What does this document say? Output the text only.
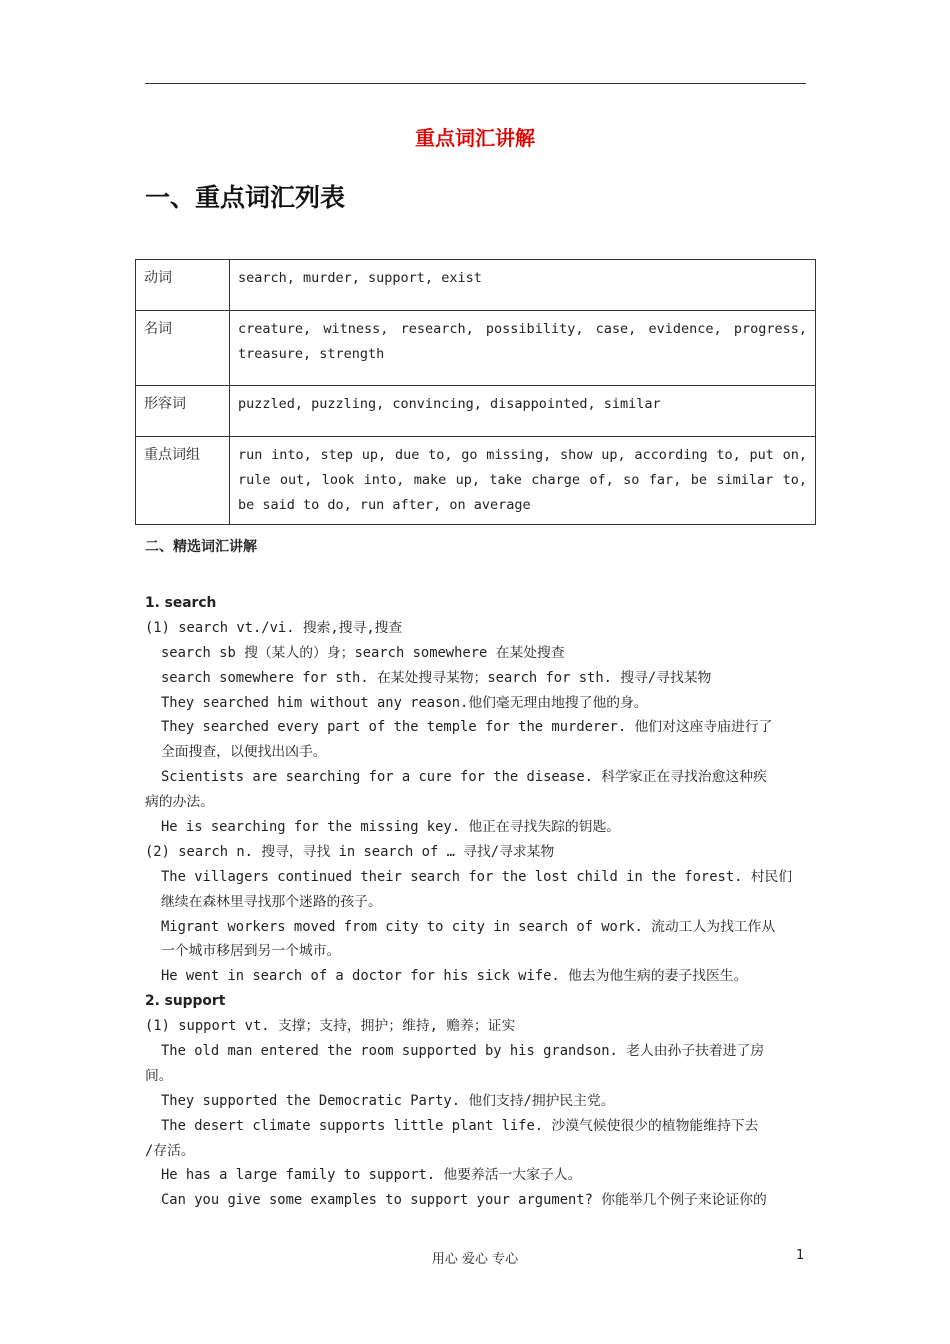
重点词汇讲解
一、重点词汇列表
动词	search, murder, support, exist
名词	creature, witness, research, possibility, case, evidence, progress, treasure, strength
形容词	puzzled, puzzling, convincing, disappointed, similar
重点词组	run into, step up, due to, go missing, show up, according to, put on, rule out, look into, make up, take charge of, so far, be similar to, be said to do, run after, on average
二、精选词汇讲解
1. search
(1) search vt./vi. 搜索,搜寻,搜查
search sb 搜（某人的）身；search somewhere 在某处搜查
search somewhere for sth. 在某处搜寻某物；search for sth. 搜寻/寻找某物
They searched him without any reason.他们毫无理由地搜了他的身。
They searched every part of the temple for the murderer. 他们对这座寺庙进行了
全面搜查，以便找出凶手。
Scientists are searching for a cure for the disease. 科学家正在寻找治愈这种疾
病的办法。
He is searching for the missing key. 他正在寻找失踪的钥匙。
(2) search n. 搜寻，寻找 in search of … 寻找/寻求某物
The villagers continued their search for the lost child in the forest. 村民们
继续在森林里寻找那个迷路的孩子。
Migrant workers moved from city to city in search of work. 流动工人为找工作从
一个城市移居到另一个城市。
He went in search of a doctor for his sick wife. 他去为他生病的妻子找医生。
2. support
(1) support vt. 支撑；支持，拥护；维持, 赡养；证实
The old man entered the room supported by his grandson. 老人由孙子扶着进了房
间。
They supported the Democratic Party. 他们支持/拥护民主党。
The desert climate supports little plant life. 沙漠气候使很少的植物能维持下去
/存活。
He has a large family to support. 他要养活一大家子人。
Can you give some examples to support your argument? 你能举几个例子来论证你的
用心 爱心 专心	1
